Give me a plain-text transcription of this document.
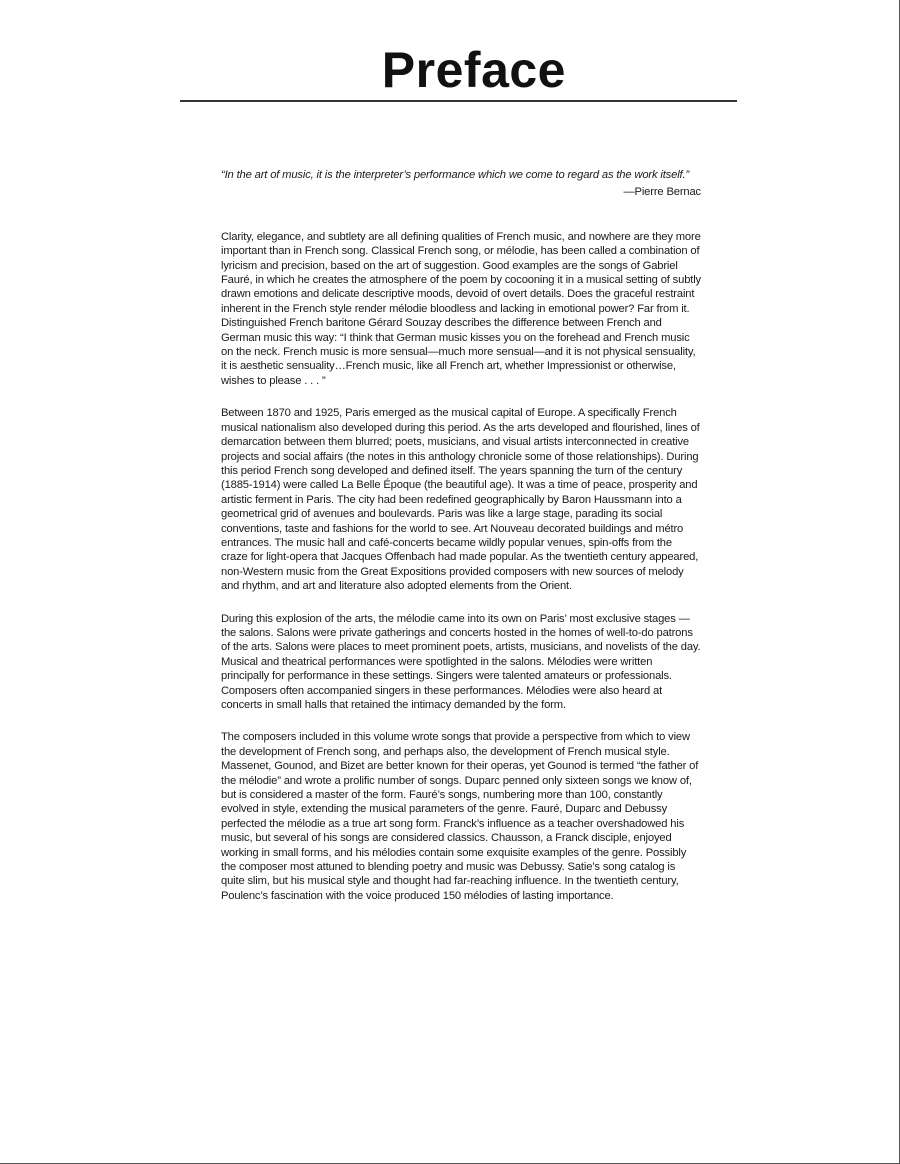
Preface

“In the art of music, it is the interpreter’s performance which we come to regard as the work itself.”

—Pierre Bernac

Clarity, elegance, and subtlety are all defining qualities of French music, and nowhere are they more important than in French song. Classical French song, or mélodie, has been called a combination of lyricism and precision, based on the art of suggestion. Good examples are the songs of Gabriel Fauré, in which he creates the atmosphere of the poem by cocooning it in a musical setting of subtly drawn emotions and delicate descriptive moods, devoid of overt details. Does the graceful restraint inherent in the French style render mélodie bloodless and lacking in emotional power? Far from it. Distinguished French baritone Gérard Souzay describes the difference between French and German music this way: “I think that German music kisses you on the forehead and French music on the neck. French music is more sensual—much more sensual—and it is not physical sensuality, it is aesthetic sensuality…French music, like all French art, whether Impressionist or otherwise, wishes to please . . . ”

Between 1870 and 1925, Paris emerged as the musical capital of Europe. A specifically French musical nationalism also developed during this period. As the arts developed and flourished, lines of demarcation between them blurred; poets, musicians, and visual artists interconnected in creative projects and social affairs (the notes in this anthology chronicle some of those relationships). During this period French song developed and defined itself. The years spanning the turn of the century (1885-1914) were called La Belle Époque (the beautiful age). It was a time of peace, prosperity and artistic ferment in Paris. The city had been redefined geographically by Baron Haussmann into a geometrical grid of avenues and boulevards. Paris was like a large stage, parading its social conventions, taste and fashions for the world to see. Art Nouveau decorated buildings and métro entrances. The music hall and café-concerts became wildly popular venues, spin-offs from the craze for light-opera that Jacques Offenbach had made popular. As the twentieth century appeared, non-Western music from the Great Expositions provided composers with new sources of melody and rhythm, and art and literature also adopted elements from the Orient.

During this explosion of the arts, the mélodie came into its own on Paris’ most exclusive stages —the salons. Salons were private gatherings and concerts hosted in the homes of well-to-do patrons of the arts. Salons were places to meet prominent poets, artists, musicians, and novelists of the day. Musical and theatrical performances were spotlighted in the salons. Mélodies were written principally for performance in these settings. Singers were talented amateurs or professionals. Composers often accompanied singers in these performances. Mélodies were also heard at concerts in small halls that retained the intimacy demanded by the form.

The composers included in this volume wrote songs that provide a perspective from which to view the development of French song, and perhaps also, the development of French musical style. Massenet, Gounod, and Bizet are better known for their operas, yet Gounod is termed “the father of the mélodie” and wrote a prolific number of songs. Duparc penned only sixteen songs we know of, but is considered a master of the form. Fauré’s songs, numbering more than 100, constantly evolved in style, extending the musical parameters of the genre. Fauré, Duparc and Debussy perfected the mélodie as a true art song form. Franck’s influence as a teacher overshadowed his music, but several of his songs are considered classics. Chausson, a Franck disciple, enjoyed working in small forms, and his mélodies contain some exquisite examples of the genre. Possibly the composer most attuned to blending poetry and music was Debussy. Satie’s song catalog is quite slim, but his musical style and thought had far-reaching influence. In the twentieth century, Poulenc’s fascination with the voice produced 150 mélodies of lasting importance.
